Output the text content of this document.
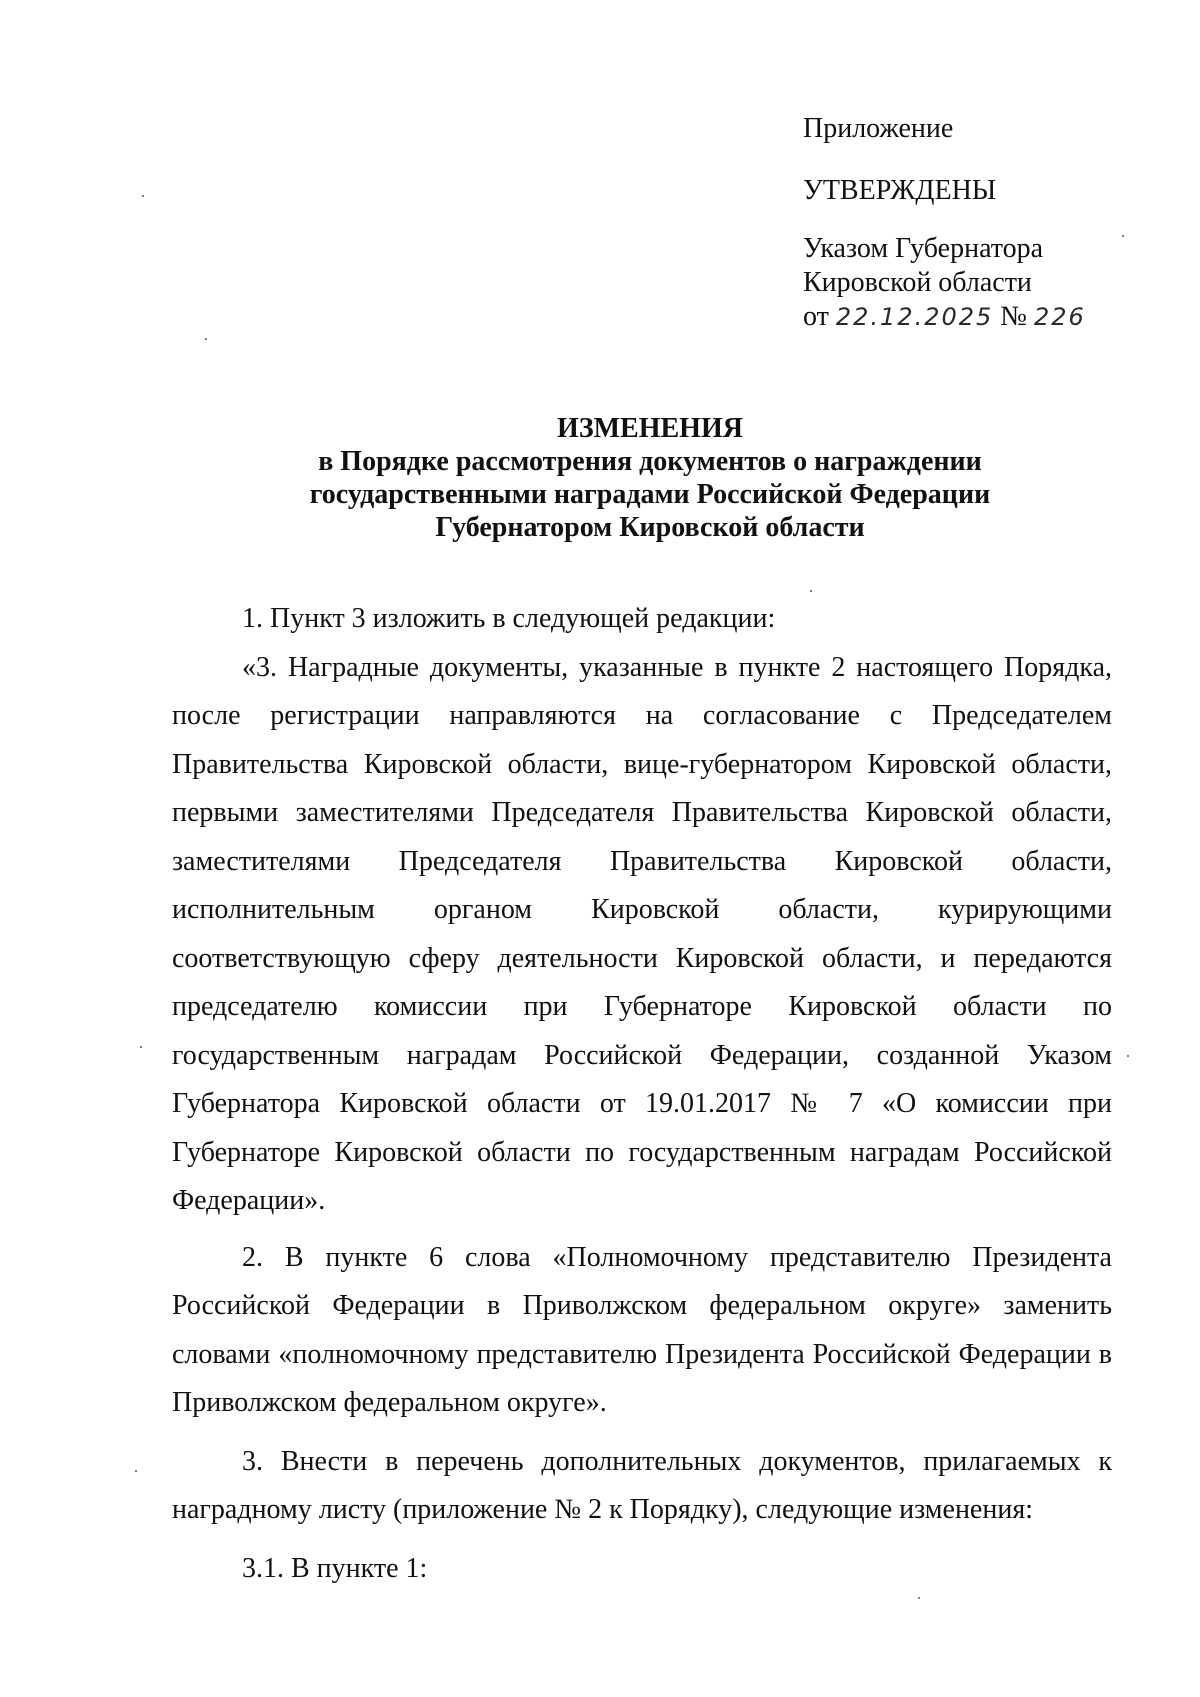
Приложение
УТВЕРЖДЕНЫ
Указом Губернатора
Кировской области
от 22.12.2025 № 226
ИЗМЕНЕНИЯ
в Порядке рассмотрения документов о награждении
государственными наградами Российской Федерации
Губернатором Кировской области

1. Пункт 3 изложить в следующей редакции:

«3. Наградные документы, указанные в пункте 2 настоящего Порядка, после регистрации направляются на согласование с Председателем Правительства Кировской области, вице-губернатором Кировской области, первыми заместителями Председателя Правительства Кировской области, заместителями Председателя Правительства Кировской области, исполнительным органом Кировской области, курирующими соответствующую сферу деятельности Кировской области, и передаются председателю комиссии при Губернаторе Кировской области по государственным наградам Российской Федерации, созданной Указом Губернатора Кировской области от 19.01.2017 № 7 «О комиссии при Губернаторе Кировской области по государственным наградам Российской Федерации».

2. В пункте 6 слова «Полномочному представителю Президента Российской Федерации в Приволжском федеральном округе» заменить словами «полномочному представителю Президента Российской Федерации в Приволжском федеральном округе».

3. Внести в перечень дополнительных документов, прилагаемых к наградному листу (приложение № 2 к Порядку), следующие изменения:

3.1. В пункте 1:
